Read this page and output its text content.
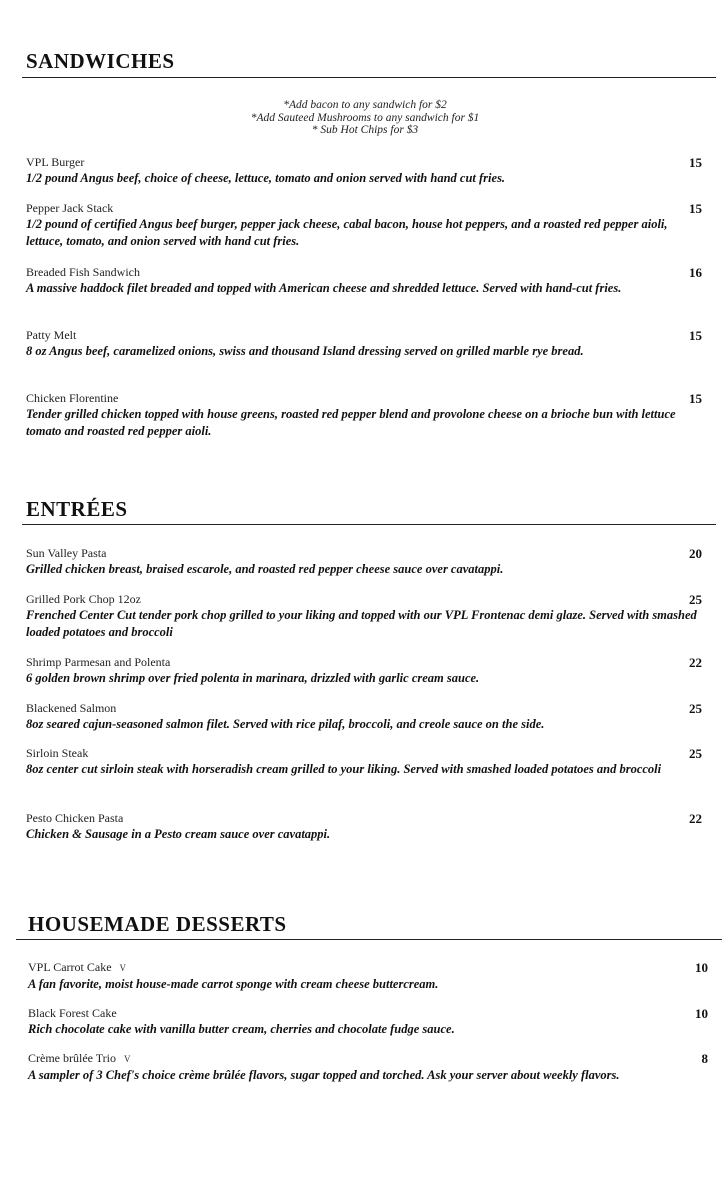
SANDWICHES
*Add bacon to any sandwich for $2
*Add Sauteed Mushrooms to any sandwich for $1
* Sub Hot Chips for $3
VPL Burger	15
1/2 pound Angus beef, choice of cheese, lettuce, tomato and onion served with hand cut fries.
Pepper Jack Stack	15
1/2 pound of certified Angus beef burger, pepper jack cheese, cabal bacon, house hot peppers, and a roasted red pepper aioli, lettuce, tomato, and onion served with hand cut fries.
Breaded Fish Sandwich	16
A massive haddock filet breaded and topped with American cheese and shredded lettuce. Served with hand-cut fries.
Patty Melt	15
8 oz Angus beef, caramelized onions, swiss and thousand Island dressing served on grilled marble rye bread.
Chicken Florentine	15
Tender grilled chicken topped with house greens, roasted red pepper blend and provolone cheese on a brioche bun with lettuce tomato and roasted red pepper aioli.
ENTRÉES
Sun Valley Pasta	20
Grilled chicken breast, braised escarole, and roasted red pepper cheese sauce over cavatappi.
Grilled Pork Chop 12oz	25
Frenched Center Cut tender pork chop grilled to your liking and topped with our VPL Frontenac demi glaze. Served with smashed loaded potatoes and broccoli
Shrimp Parmesan and Polenta	22
6 golden brown shrimp over fried polenta in marinara, drizzled with garlic cream sauce.
Blackened Salmon	25
8oz seared cajun-seasoned salmon filet. Served with rice pilaf, broccoli, and creole sauce on the side.
Sirloin Steak	25
8oz center cut sirloin steak with horseradish cream grilled to your liking. Served with smashed loaded potatoes and broccoli
Pesto Chicken Pasta	22
Chicken & Sausage in a Pesto cream sauce over cavatappi.
HOUSEMADE DESSERTS
VPL Carrot Cake V	10
A fan favorite, moist house-made carrot sponge with cream cheese buttercream.
Black Forest Cake	10
Rich chocolate cake with vanilla butter cream, cherries and chocolate fudge sauce.
Crème brûlée Trio V	8
A sampler of 3 Chef's choice crème brûlée flavors, sugar topped and torched. Ask your server about weekly flavors.
